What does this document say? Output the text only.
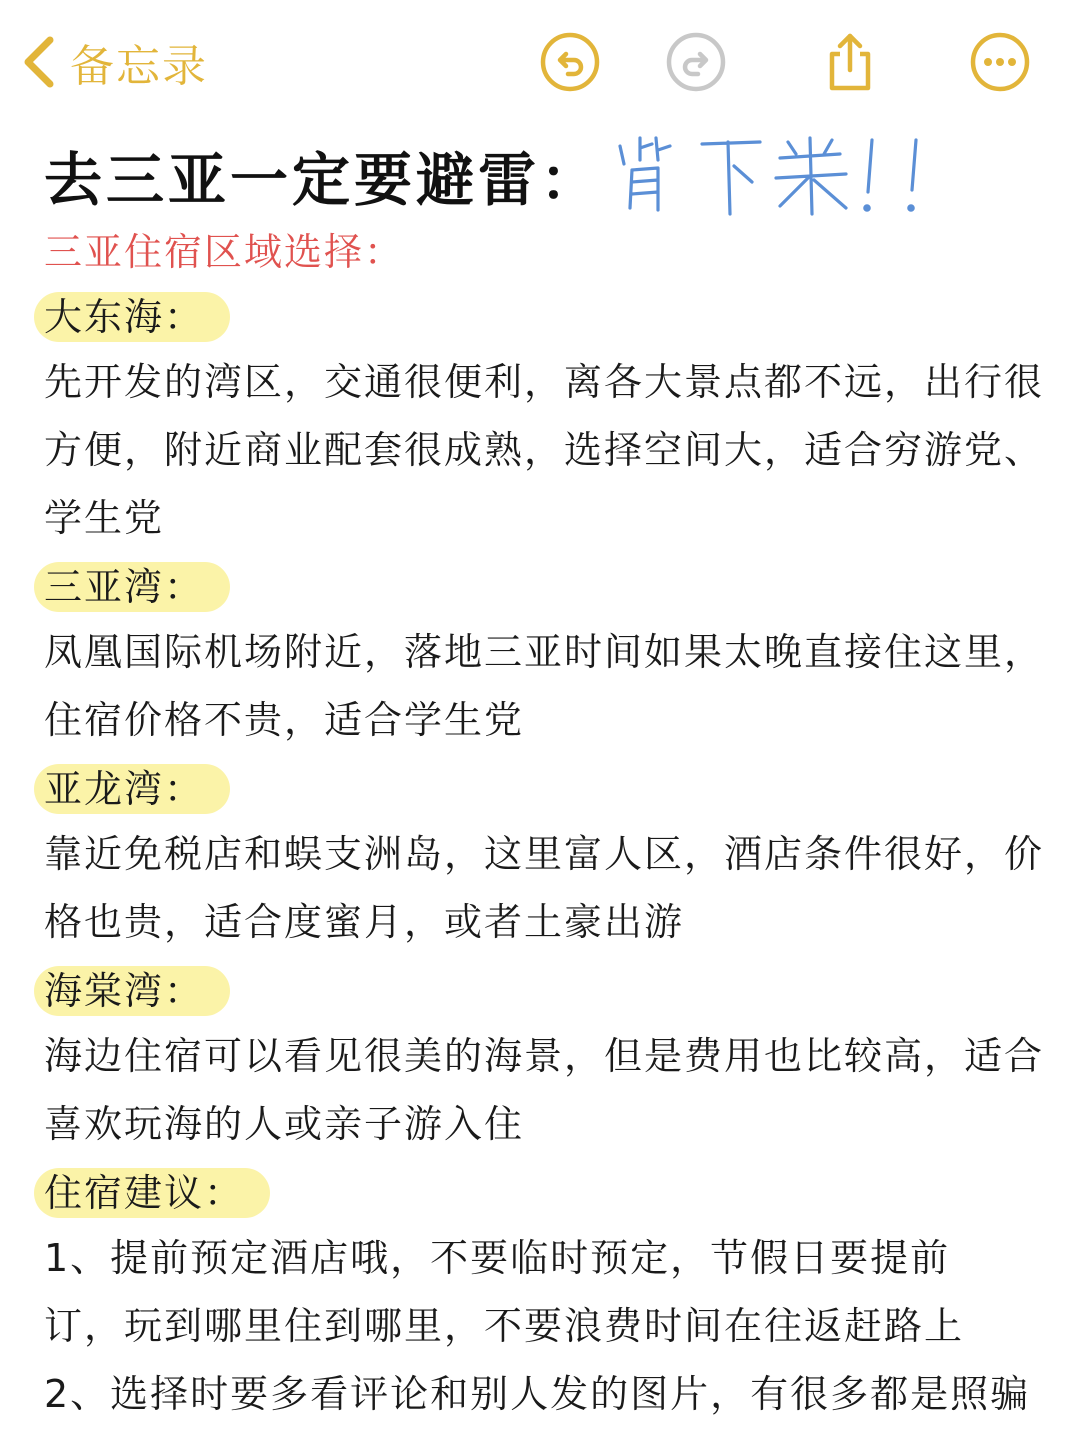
备忘录
去三亚一定要避雷：
三亚住宿区域选择：
大东海：
先开发的湾区，交通很便利，离各大景点都不远，出行很
方便，附近商业配套很成熟，选择空间大，适合穷游党、
学生党
三亚湾：
凤凰国际机场附近，落地三亚时间如果太晚直接住这里，
住宿价格不贵，适合学生党
亚龙湾：
靠近免税店和蜈支洲岛，这里富人区，酒店条件很好，价
格也贵，适合度蜜月，或者土豪出游
海棠湾：
海边住宿可以看见很美的海景，但是费用也比较高，适合
喜欢玩海的人或亲子游入住
住宿建议：
1、提前预定酒店哦，不要临时预定，节假日要提前
订，玩到哪里住到哪里，不要浪费时间在往返赶路上
2、选择时要多看评论和别人发的图片，有很多都是照骗
